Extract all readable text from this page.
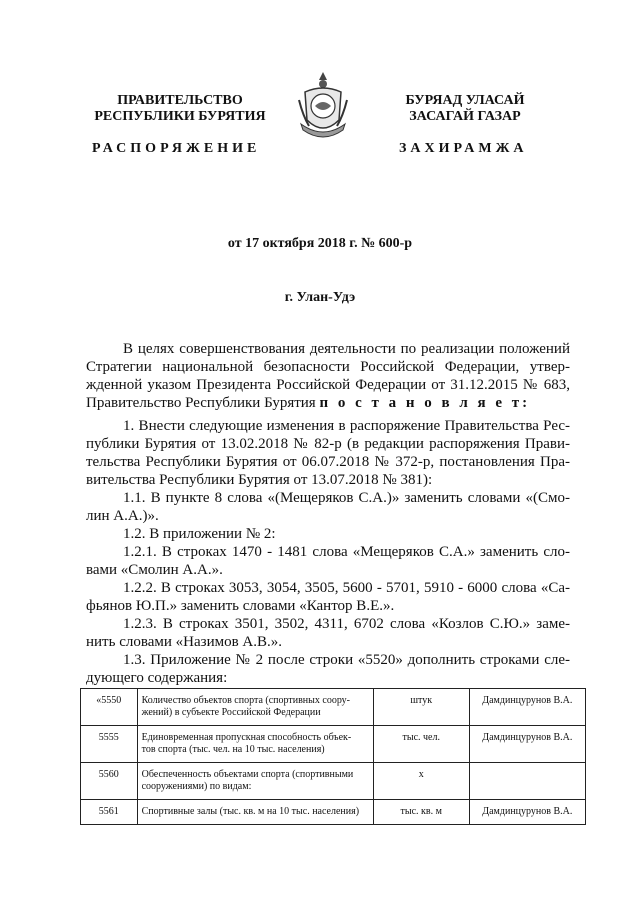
ПРАВИТЕЛЬСТВО
РЕСПУБЛИКИ БУРЯТИЯ
БУРЯАД УЛАСАЙ
ЗАСАГАЙ ГАЗАР
РАСПОРЯЖЕНИЕ	ЗАХИРАМЖА
от 17 октября 2018 г. № 600-р
г. Улан-Удэ
В целях совершенствования деятельности по реализации положений
Стратегии национальной безопасности Российской Федерации, утвер-
жденной указом Президента Российской Федерации от 31.12.2015 № 683,
Правительство Республики Бурятия п о с т а н о в л я е т:
1. Внести следующие изменения в распоряжение Правительства Рес-
публики Бурятия от 13.02.2018 № 82-р (в редакции распоряжения Прави-
тельства Республики Бурятия от 06.07.2018 № 372-р, постановления Пра-
вительства Республики Бурятия от 13.07.2018 № 381):
1.1. В пункте 8 слова «(Мещеряков С.А.)» заменить словами «(Смо-
лин А.А.)».
1.2. В приложении № 2:
1.2.1. В строках 1470 - 1481 слова «Мещеряков С.А.» заменить сло-
вами «Смолин А.А.».
1.2.2. В строках 3053, 3054, 3505, 5600 - 5701, 5910 - 6000 слова «Са-
фьянов Ю.П.» заменить словами «Кантор В.Е.».
1.2.3. В строках 3501, 3502, 4311, 6702 слова «Козлов С.Ю.» заме-
нить словами «Назимов А.В.».
1.3. Приложение № 2 после строки «5520» дополнить строками сле-
дующего содержания:
«5550	Количество объектов спорта (спортивных соору-
жений) в субъекте Российской Федерации	штук	Дамдинцурунов В.А.
5555	Единовременная пропускная способность объек-
тов спорта (тыс. чел. на 10 тыс. населения)	тыс. чел.	Дамдинцурунов В.А.
5560	Обеспеченность объектами спорта (спортивными
сооружениями) по видам:	х	
5561	Спортивные залы (тыс. кв. м на 10 тыс. населения)	тыс. кв. м	Дамдинцурунов В.А.
